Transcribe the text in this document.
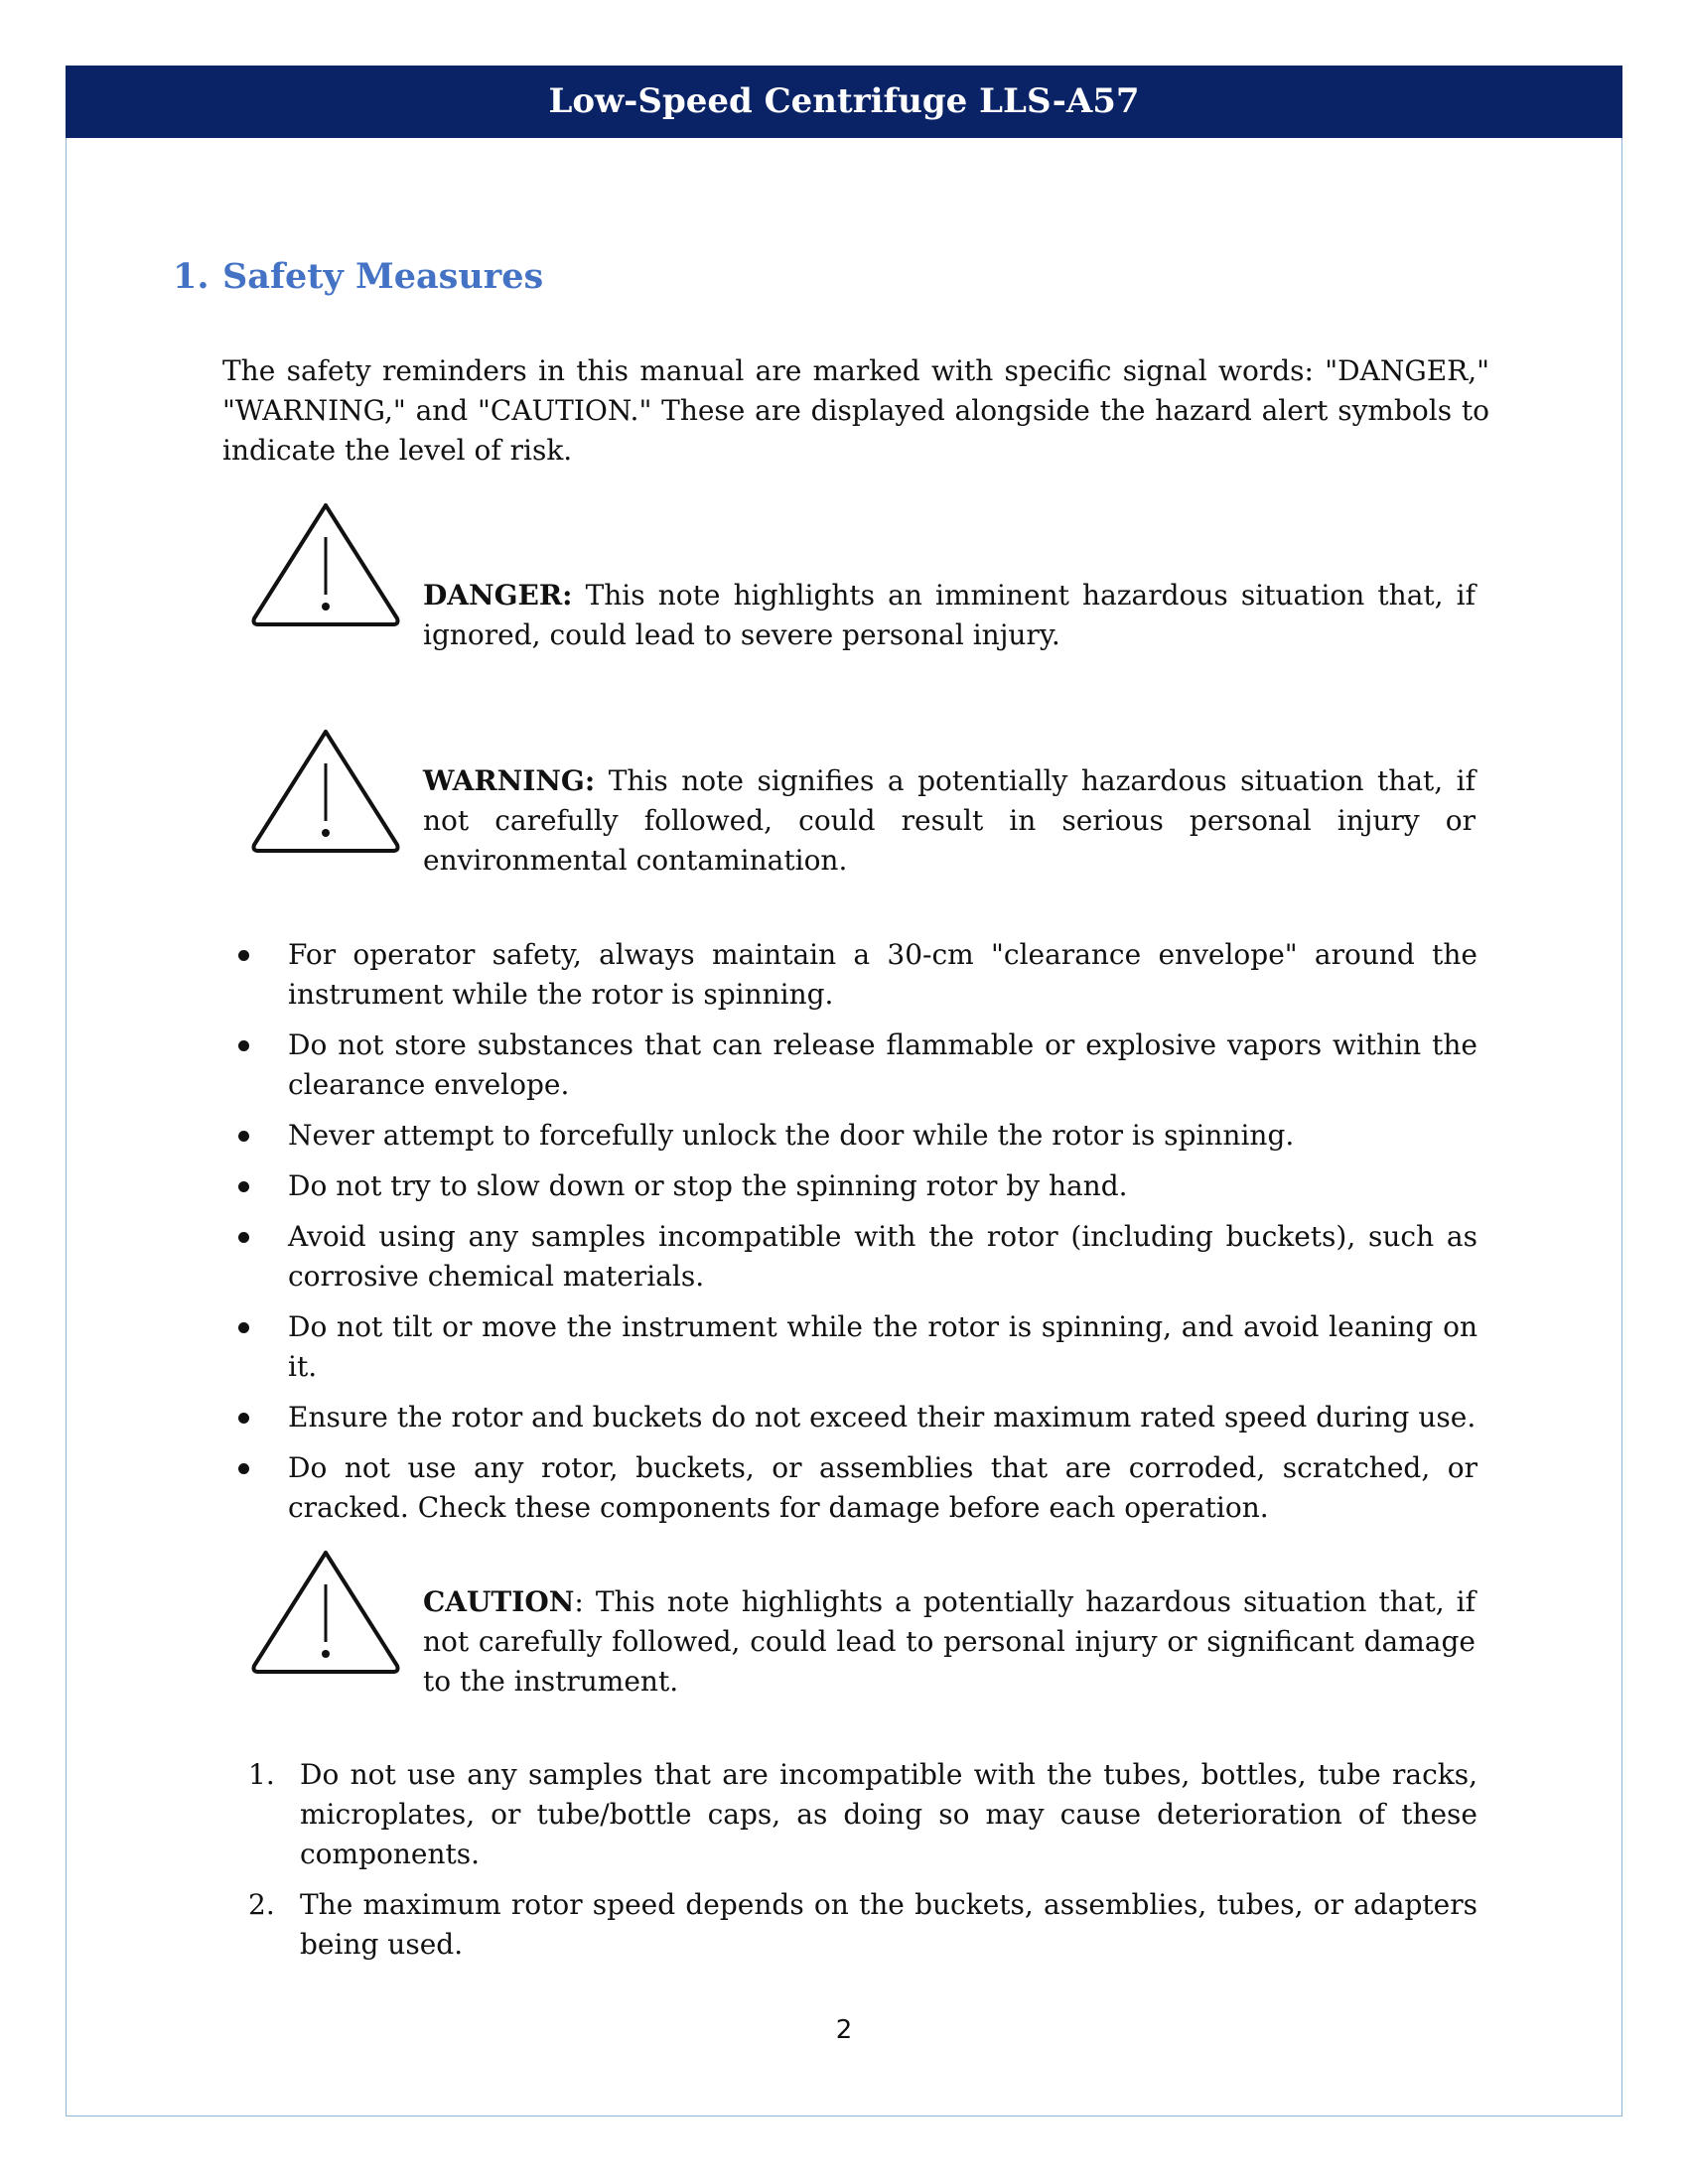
Low-Speed Centrifuge LLS-A57
1. Safety Measures
The safety reminders in this manual are marked with specific signal words: "DANGER," "WARNING," and "CAUTION." These are displayed alongside the hazard alert symbols to indicate the level of risk.
DANGER: This note highlights an imminent hazardous situation that, if ignored, could lead to severe personal injury.
WARNING: This note signifies a potentially hazardous situation that, if not carefully followed, could result in serious personal injury or environmental contamination.
For operator safety, always maintain a 30-cm "clearance envelope" around the instrument while the rotor is spinning.
Do not store substances that can release flammable or explosive vapors within the clearance envelope.
Never attempt to forcefully unlock the door while the rotor is spinning.
Do not try to slow down or stop the spinning rotor by hand.
Avoid using any samples incompatible with the rotor (including buckets), such as corrosive chemical materials.
Do not tilt or move the instrument while the rotor is spinning, and avoid leaning on it.
Ensure the rotor and buckets do not exceed their maximum rated speed during use.
Do not use any rotor, buckets, or assemblies that are corroded, scratched, or cracked. Check these components for damage before each operation.
CAUTION: This note highlights a potentially hazardous situation that, if not carefully followed, could lead to personal injury or significant damage to the instrument.
1. Do not use any samples that are incompatible with the tubes, bottles, tube racks, microplates, or tube/bottle caps, as doing so may cause deterioration of these components.
2. The maximum rotor speed depends on the buckets, assemblies, tubes, or adapters being used.
2
